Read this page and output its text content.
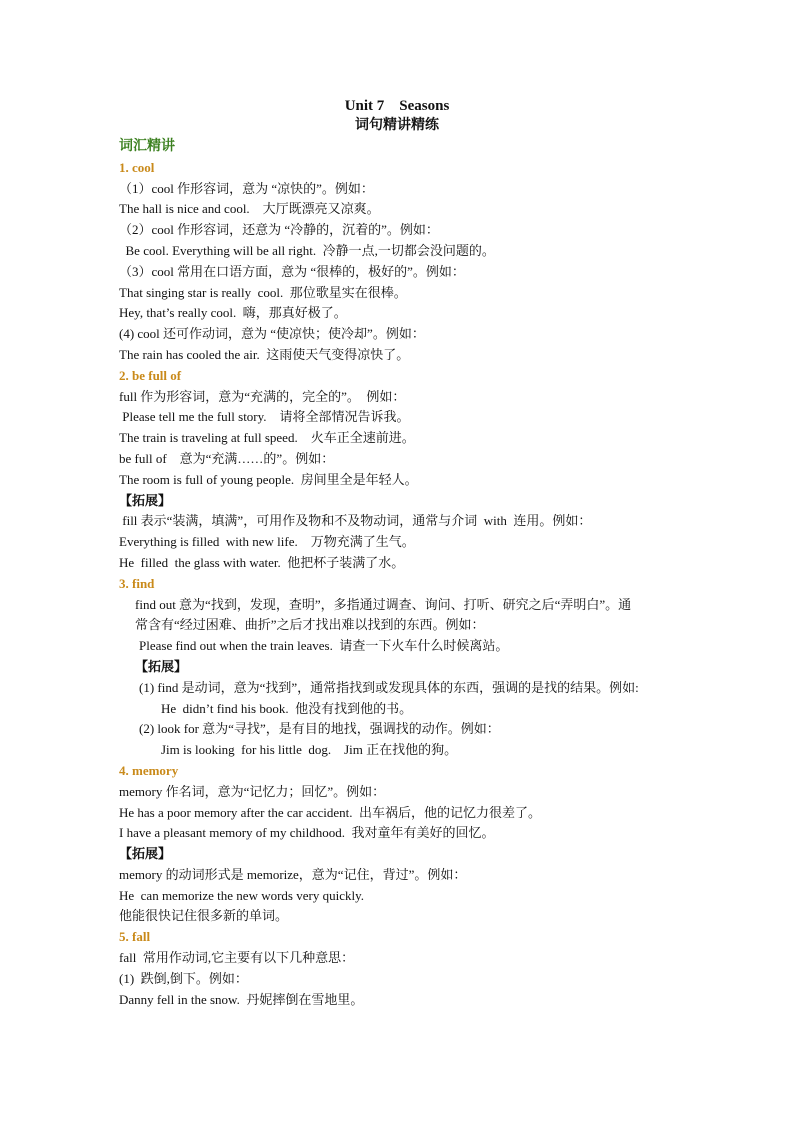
Unit 7    Seasons
词句精讲精练
词汇精讲
1. cool
（1）cool 作形容词，意为 “凉快的”。例如：
The hall is nice and cool.    大厅既漂亮又凉爽。
（2）cool 作形容词，还意为 “冷静的，沉着的”。例如：
Be cool. Everything will be all right.  冷静一点,一切都会没问题的。
（3）cool 常用在口语方面，意为 “很棒的，极好的”。例如：
That singing star is really  cool.  那位歌星实在很棒。
Hey, that’s really cool.  嗨，那真好极了。
(4) cool 还可作动词，意为 “使凉快；使冷却”。例如：
The rain has cooled the air.  这雨使天气变得凉快了。
2. be full of
full 作为形容词，意为“充满的，完全的”。  例如：
Please tell me the full story.    请将全部情况告诉我。
The train is traveling at full speed.    火车正全速前进。
be full of    意为“充满……的”。例如：
The room is full of young people.  房间里全是年轻人。
【拓展】
fill 表示“装满，填满”，可用作及物和不及物动词，通常与介词  with  连用。例如：
Everything is filled  with new life.    万物充满了生气。
He  filled  the glass with water.  他把杯子装满了水。
3. find
find out 意为“找到，发现，查明”，多指通过调查、询问、打听、研究之后“弄明白”。通
常含有“经过困难、曲折”之后才找出难以找到的东西。例如：
Please find out when the train leaves.  请查一下火车什么时候离站。
【拓展】
(1) find 是动词，意为“找到”，通常指找到或发现具体的东西，强调的是找的结果。例如:
He  didn’t find his book.  他没有找到他的书。
(2) look for 意为“寻找”，是有目的地找，强调找的动作。例如：
Jim is looking  for his little  dog.    Jim 正在找他的狗。
4. memory
memory 作名词，意为“记忆力；回忆”。例如：
He has a poor memory after the car accident.  出车祸后，他的记忆力很差了。
I have a pleasant memory of my childhood.  我对童年有美好的回忆。
【拓展】
memory 的动词形式是 memorize，意为“记住，背过”。例如：
He  can memorize the new words very quickly.
他能很快记住很多新的单词。
5. fall
fall  常用作动词,它主要有以下几种意思：
(1)  跌倒,倒下。例如：
Danny fell in the snow.  丹妮摔倒在雪地里。
